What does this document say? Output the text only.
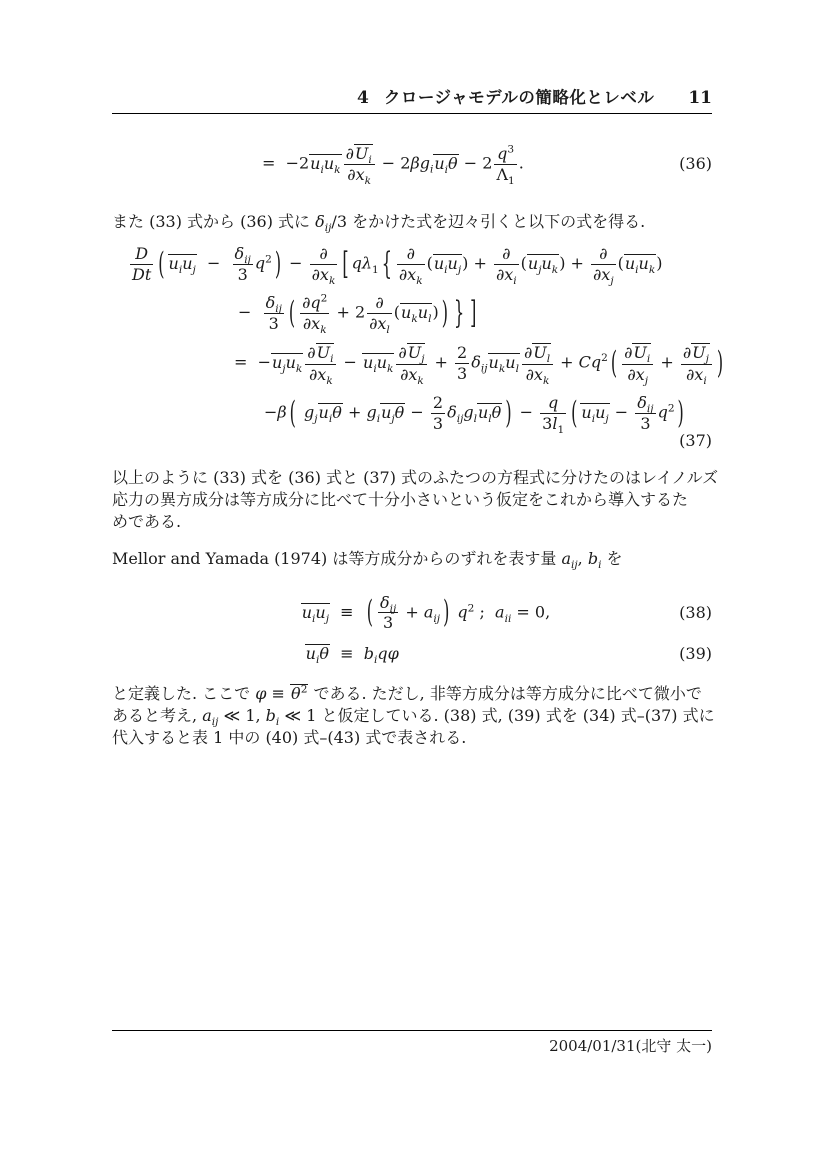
4 クロージャモデルの簡略化とレベル 11
=  $-2u_iu_k \frac{\partial U_i}{\partial x_k} - 2\beta g_iu_i\theta - 2 \frac{q^3}{\Lambda_1}$ .	(36)
また (33) 式から (36) 式に $\delta_{ij}/3$ をかけた式を辺々引くと以下の式を得る.
$\frac{D}{Dt}$ ( $u_iu_j$  −
$\delta_{ij}$
3
$q^2$ ) −
∂
$\partial x_k$ [ $q\lambda_1$ { ∂
$\partial x_k$
$(u_iu_j)$ +
∂
$\partial x_i$
$(u_ju_k)$ +
∂
$\partial x_j$
$(u_iu_k)$
−
$\delta_{ij}$
3 ( $\frac{\partial q^2}{\partial x_k} + 2$
∂
$\partial x_l$
$(u_ku_l)$ ) } ]
=  $-u_ju_k \frac{\partial U_i}{\partial x_k} - u_iu_k \frac{\partial U_j}{\partial x_k} + \frac{2}{3} \delta_{ij}u_ku_l \frac{\partial U_l}{\partial x_k} + Cq^2$ ( $\frac{\partial U_i}{\partial x_j} + \frac{\partial U_j}{\partial x_i}$ )
−β ( $g_ju_i\theta + g_iu_j\theta - \frac{2}{3} \delta_{ij}g_lu_l\theta$ ) − $\frac{q}{3l_1}$ ( $u_iu_j$ −
$\delta_{ij}$
3
$q^2$ )
(37)
以上のように (33) 式を (36) 式と (37) 式のふたつの方程式に分けたのはレイノルズ
応力の異方成分は等方成分に比べて十分小さいという仮定をこれから導入するた
めである.
Mellor and Yamada (1974) は等方成分からのずれを表す量 $a_{ij}$, $b_i$ を
$u_iu_j$ ≡  ( $\delta_{ij}$
3
+ $a_{ij}$ ) $q^2$ ;  $a_{ii} = 0$,	(38)
$u_i\theta \equiv b_iq\varphi$	(39)
と定義した. ここで $\varphi \equiv \theta^2$ である. ただし, 非等方成分は等方成分に比べて微小で
あると考え, $a_{ij}$ ≪ 1, $b_i$ ≪ 1 と仮定している. (38) 式, (39) 式を (34) 式–(37) 式に
代入すると表 1 中の (40) 式–(43) 式で表される.
2004/01/31(北守 太一)
